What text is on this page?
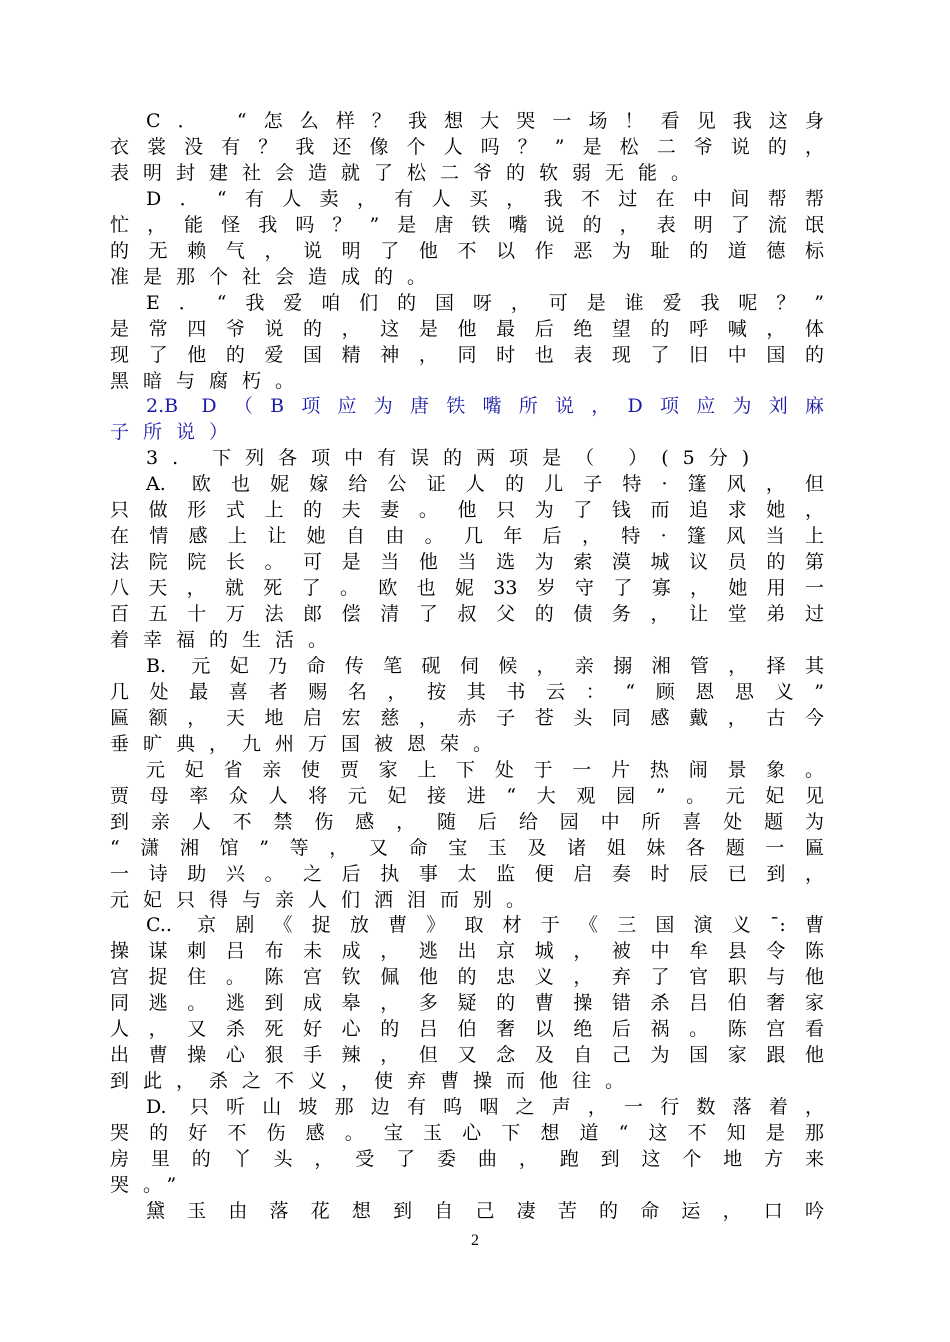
C． “怎么样？我想大哭一场！看见我这身
衣裳没有？我还像个人吗？”是松二爷说的，
表明封建社会造就了松二爷的软弱无能。
D．“有人卖，有人买，我不过在中间帮帮
忙，能怪我吗？”是唐铁嘴说的，表明了流氓
的无赖气，说明了他不以作恶为耻的道德标
准是那个社会造成的。
E．“我爱咱们的国呀，可是谁爱我呢？”
是常四爷说的，这是他最后绝望的呼喊，体
现了他的爱国精神，同时也表现了旧中国的
黑暗与腐朽。
2.B D（B项应为唐铁嘴所说，D项应为刘麻
子所说）
3. 下列各项中有误的两项是（ ）(5分)
A. 欧也妮嫁给公证人的儿子特·篷风，但
只做形式上的夫妻。他只为了钱而追求她，
在情感上让她自由。几年后，特·篷风当上
法院院长。可是当他当选为索漠城议员的第
八天，就死了。欧也妮33岁守了寡，她用一
百五十万法郎偿清了叔父的债务，让堂弟过
着幸福的生活。
B. 元妃乃命传笔砚伺候，亲搦湘管，择其
几处最喜者赐名，按其书云：“顾恩思义”
匾额，天地启宏慈，赤子苍头同感戴，古今
垂旷典，九州万国被恩荣。
元妃省亲使贾家上下处于一片热闹景象。
贾母率众人将元妃接进“大观园”。元妃见
到亲人不禁伤感，随后给园中所喜处题为
“潇湘馆”等，又命宝玉及诸姐妹各题一匾
一诗助兴。之后执事太监便启奏时辰已到，
元妃只得与亲人们洒泪而别。
C.. 京剧《捉放曹》取材于《三国演义¯:曹
操谋刺吕布未成，逃出京城，被中牟县令陈
宫捉住。陈宫钦佩他的忠义，弃了官职与他
同逃。逃到成皋，多疑的曹操错杀吕伯奢家
人，又杀死好心的吕伯奢以绝后祸。陈宫看
出曹操心狠手辣，但又念及自己为国家跟他
到此，杀之不义，使弃曹操而他往。
D. 只听山坡那边有呜咽之声，一行数落着，
哭的好不伤感。宝玉心下想道“这不知是那
房里的丫头，受了委曲，跑到这个地方来
哭。”
黛玉由落花想到自己凄苦的命运，口吟
2
